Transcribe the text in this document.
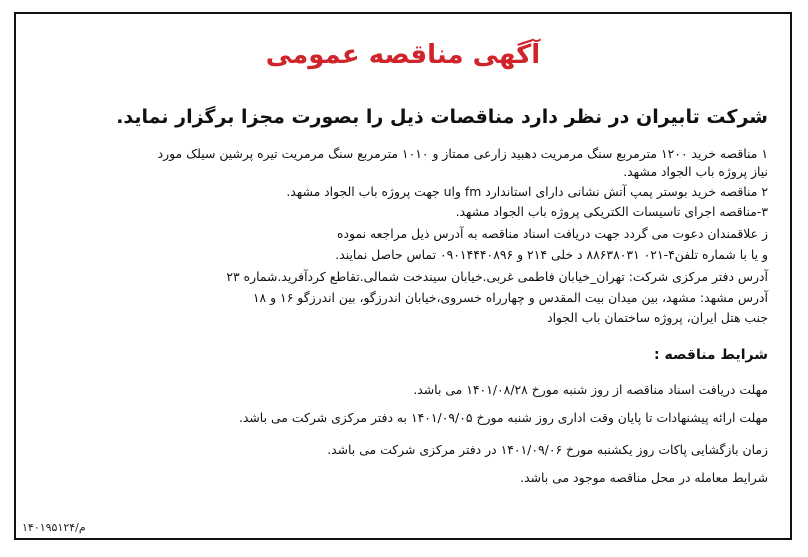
آگهی مناقصه عمومی
شرکت تابیران در نظر دارد مناقصات ذیل را بصورت مجزا برگزار نماید.

۱ مناقصه خرید ۱۲۰۰ مترمربع سنگ مرمریت دهبید زارعی ممتاز و ۱۰۱۰ مترمربع سنگ مرمریت تیره پرشین سیلک مورد

نیاز پروژه باب الجواد مشهد.

۲ مناقصه خرید بوستر پمپ آتش نشانی دارای استاندارد fm وul جهت پروژه باب الجواد مشهد.

۳-مناقصه اجرای تاسیسات الکتریکی پروژه باب الجواد مشهد.

ز علاقمندان دعوت می گردد جهت دریافت اسناد مناقصه به آدرس ذیل مراجعه نموده

و یا با شماره تلفن۴-۰۲۱ ۸۸۶۳۸۰۳۱ د خلی ۲۱۴ و ۰۹۰۱۴۴۴۰۸۹۶ تماس حاصل نمایند.

آدرس دفتر مرکزی شرکت: تهران_خیابان فاطمی غربی.خیابان سیندخت شمالی.تقاطع کردآفرید.شماره ۲۳

آدرس مشهد: مشهد، بین میدان بیت المقدس و چهارراه خسروی،خیابان اندرزگو، بین اندرزگو ۱۶ و ۱۸

جنب هتل ایران، پروژه ساختمان باب الجواد

شرایط مناقصه :

مهلت دریافت اسناد مناقصه از روز شنبه مورخ ۱۴۰۱/۰۸/۲۸ می باشد.

مهلت ارائه پیشنهادات تا پایان وقت اداری روز شنبه مورخ ۱۴۰۱/۰۹/۰۵ به دفتر مرکزی شرکت می باشد.

زمان بازگشایی پاکات روز یکشنبه مورخ ۱۴۰۱/۰۹/۰۶ در دفتر مرکزی شرکت می باشد.

شرایط معامله در محل مناقصه موجود می باشد.

۱۴۰۱۹۵۱۲۴/م
